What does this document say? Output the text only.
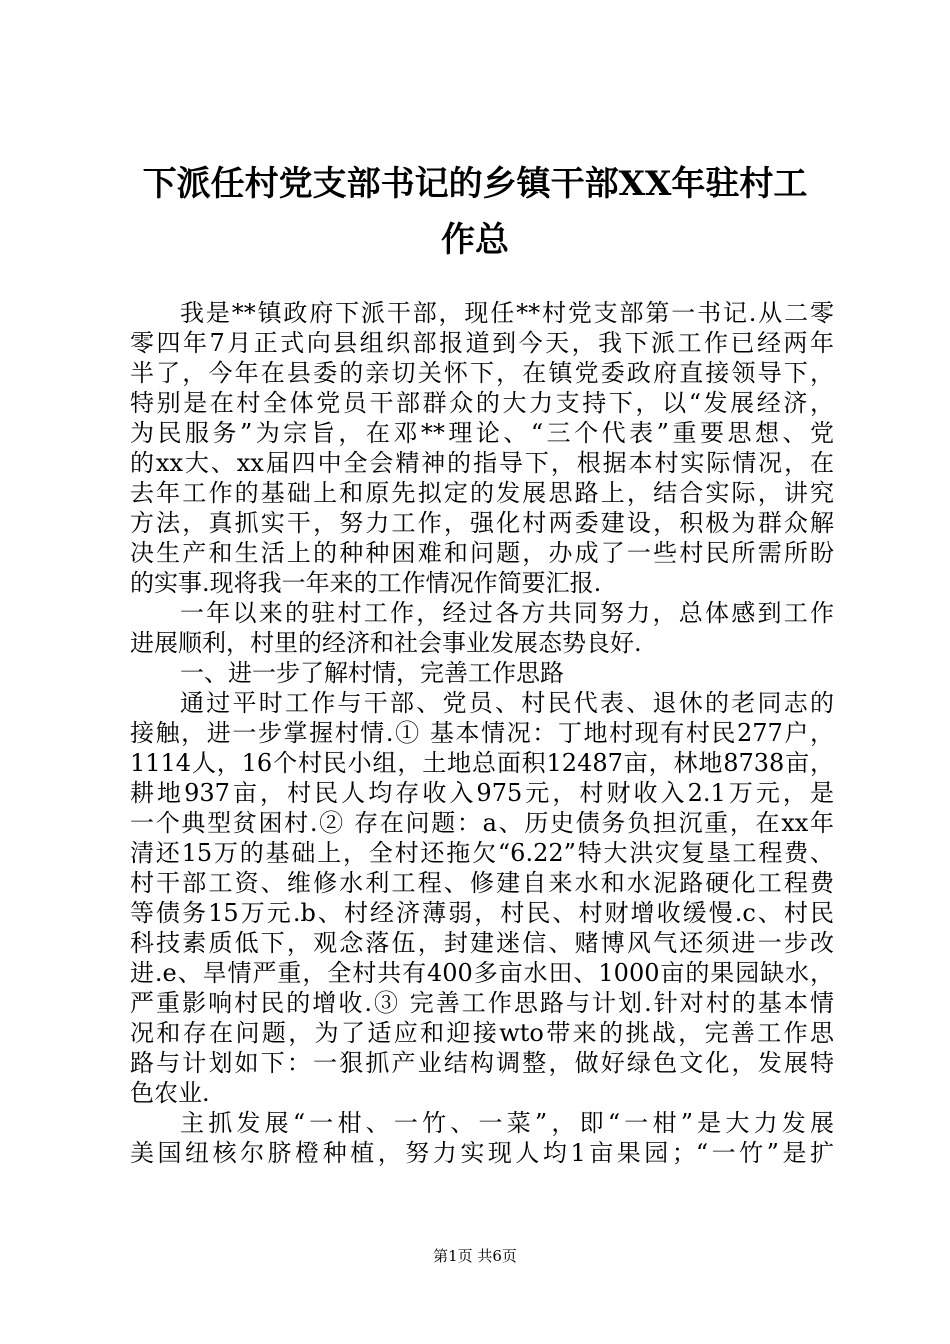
下派任村党支部书记的乡镇干部XX年驻村工
作总
我是**镇政府下派干部，现任**村党支部第一书记.从二零
零四年7月正式向县组织部报道到今天，我下派工作已经两年
半了，今年在县委的亲切关怀下，在镇党委政府直接领导下，
特别是在村全体党员干部群众的大力支持下，以“发展经济，
为民服务”为宗旨，在邓**理论、“三个代表”重要思想、党
的xx大、xx届四中全会精神的指导下，根据本村实际情况，在
去年工作的基础上和原先拟定的发展思路上，结合实际，讲究
方法，真抓实干，努力工作，强化村两委建设，积极为群众解
决生产和生活上的种种困难和问题，办成了一些村民所需所盼
的实事.现将我一年来的工作情况作简要汇报.
一年以来的驻村工作，经过各方共同努力，总体感到工作
进展顺利，村里的经济和社会事业发展态势良好.
一、进一步了解村情，完善工作思路
通过平时工作与干部、党员、村民代表、退休的老同志的
接触，进一步掌握村情.① 基本情况：丁地村现有村民277户，
1114人，16个村民小组，土地总面积12487亩，林地8738亩，
耕地937亩，村民人均存收入975元，村财收入2.1万元，是
一个典型贫困村.② 存在问题：a、历史债务负担沉重，在xx年
清还15万的基础上，全村还拖欠“6.22”特大洪灾复垦工程费、
村干部工资、维修水利工程、修建自来水和水泥路硬化工程费
等债务15万元.b、村经济薄弱，村民、村财增收缓慢.c、村民
科技素质低下，观念落伍，封建迷信、赌博风气还须进一步改
进.e、旱情严重，全村共有400多亩水田、1000亩的果园缺水，
严重影响村民的增收.③ 完善工作思路与计划.针对村的基本情
况和存在问题，为了适应和迎接wto带来的挑战，完善工作思
路与计划如下：一狠抓产业结构调整，做好绿色文化，发展特
色农业.
主抓发展“一柑、一竹、一菜”，即“一柑”是大力发展
美国纽核尔脐橙种植，努力实现人均1亩果园；“一竹”是扩
第1页 共6页
